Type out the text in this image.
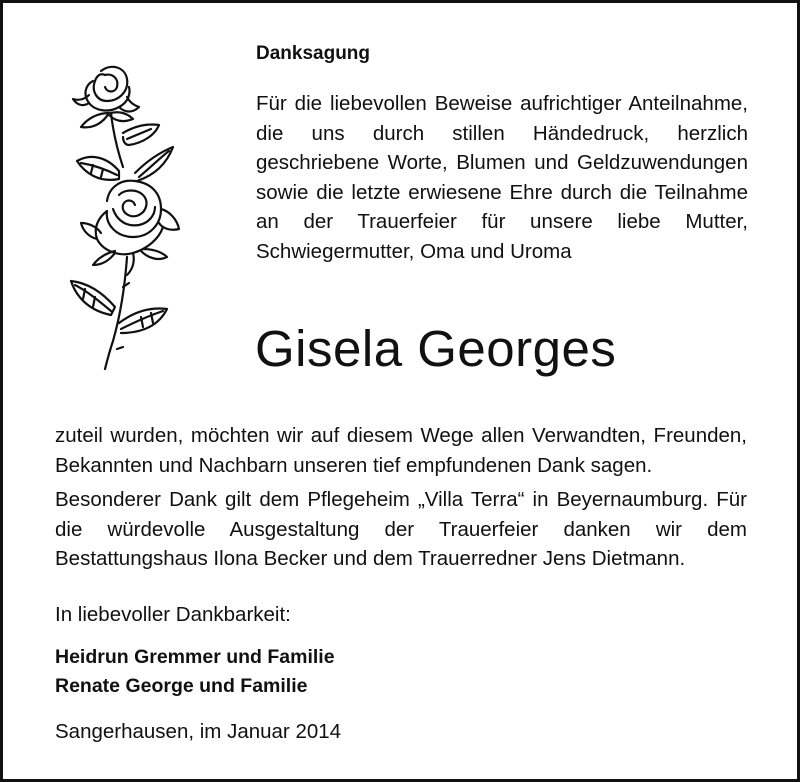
Danksagung

Für die liebevollen Beweise aufrichtiger Anteilnahme, die uns durch stillen Händedruck, herzlich geschriebene Worte, Blumen und Geldzuwendungen sowie die letzte erwiesene Ehre durch die Teilnahme an der Trauerfeier für unsere liebe Mutter, Schwiegermutter, Oma und Uroma

Gisela Georges

zuteil wurden, möchten wir auf diesem Wege allen Verwandten, Freunden, Bekannten und Nachbarn unseren tief empfundenen Dank sagen.

Besonderer Dank gilt dem Pflegeheim „Villa Terra“ in Beyernaumburg. Für die würdevolle Ausgestaltung der Trauerfeier danken wir dem Bestattungshaus Ilona Becker und dem Trauerredner Jens Dietmann.

In liebevoller Dankbarkeit:

Heidrun Gremmer und Familie
Renate George und Familie

Sangerhausen, im Januar 2014
